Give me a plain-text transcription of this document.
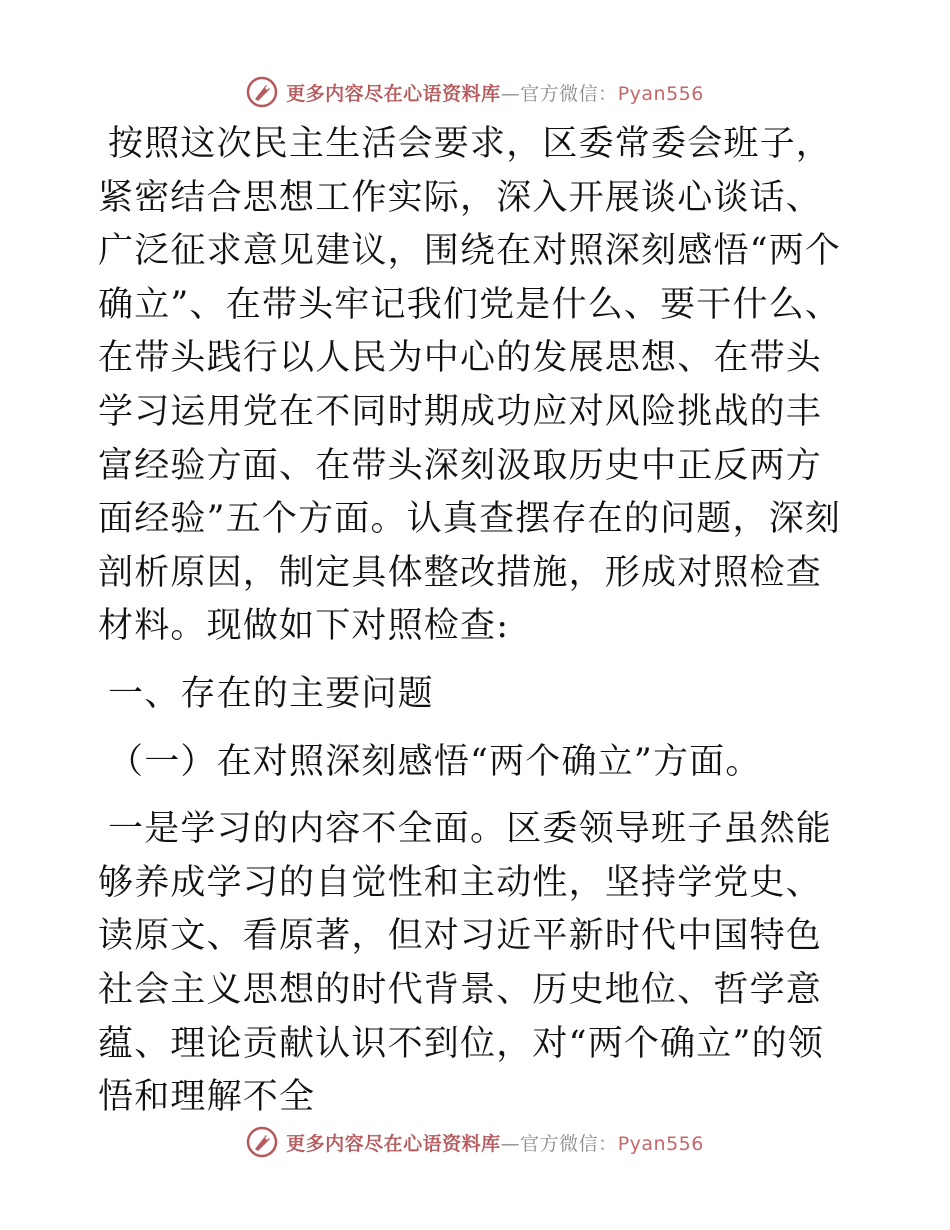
更多内容尽在心语资料库—官方微信：Pyan556

按照这次民主生活会要求，区委常委会班子，紧密结合思想工作实际，深入开展谈心谈话、广泛征求意见建议，围绕在对照深刻感悟“两个确立”、在带头牢记我们党是什么、要干什么、在带头践行以人民为中心的发展思想、在带头学习运用党在不同时期成功应对风险挑战的丰富经验方面、在带头深刻汲取历史中正反两方面经验”五个方面。认真查摆存在的问题，深刻剖析原因，制定具体整改措施，形成对照检查材料。现做如下对照检查:

一、存在的主要问题

（一）在对照深刻感悟“两个确立”方面。

一是学习的内容不全面。区委领导班子虽然能够养成学习的自觉性和主动性，坚持学党史、读原文、看原著，但对习近平新时代中国特色社会主义思想的时代背景、历史地位、哲学意蕴、理论贡献认识不到位，对“两个确立”的领悟和理解不全

更多内容尽在心语资料库—官方微信：Pyan556
